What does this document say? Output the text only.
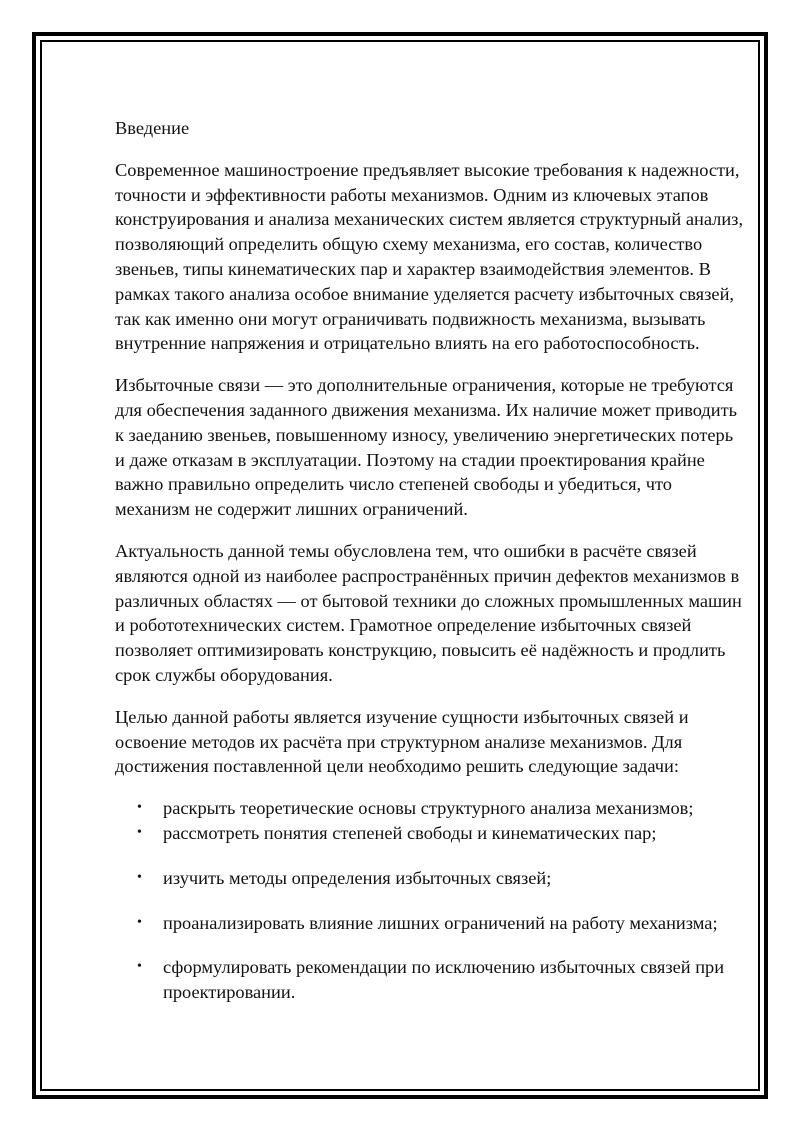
Введение

Современное машиностроение предъявляет высокие требования к надежности, точности и эффективности работы механизмов. Одним из ключевых этапов конструирования и анализа механических систем является структурный анализ, позволяющий определить общую схему механизма, его состав, количество звеньев, типы кинематических пар и характер взаимодействия элементов. В рамках такого анализа особое внимание уделяется расчету избыточных связей, так как именно они могут ограничивать подвижность механизма, вызывать внутренние напряжения и отрицательно влиять на его работоспособность.

Избыточные связи — это дополнительные ограничения, которые не требуются для обеспечения заданного движения механизма. Их наличие может приводить к заеданию звеньев, повышенному износу, увеличению энергетических потерь и даже отказам в эксплуатации. Поэтому на стадии проектирования крайне важно правильно определить число степеней свободы и убедиться, что механизм не содержит лишних ограничений.

Актуальность данной темы обусловлена тем, что ошибки в расчёте связей являются одной из наиболее распространённых причин дефектов механизмов в различных областях — от бытовой техники до сложных промышленных машин и робототехнических систем. Грамотное определение избыточных связей позволяет оптимизировать конструкцию, повысить её надёжность и продлить срок службы оборудования.

Целью данной работы является изучение сущности избыточных связей и освоение методов их расчёта при структурном анализе механизмов. Для достижения поставленной цели необходимо решить следующие задачи:

• раскрыть теоретические основы структурного анализа механизмов;
• рассмотреть понятия степеней свободы и кинематических пар;
• изучить методы определения избыточных связей;
• проанализировать влияние лишних ограничений на работу механизма;
• сформулировать рекомендации по исключению избыточных связей при проектировании.
